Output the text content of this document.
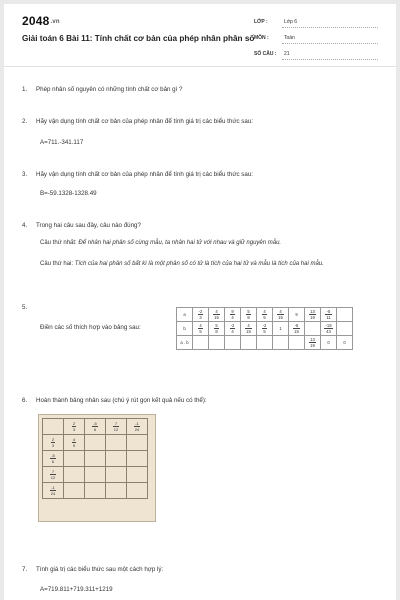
2048.vn
Giải toán 6 Bài 11: Tính chất cơ bản của phép nhân phân số
LỚP :	Lớp 6
MÔN :	Toán
SỐ CÂU : 21
1. Phép nhân số nguyên có những tính chất cơ bản gì ?
2. Hãy vận dụng tính chất cơ bản của phép nhân để tính giá trị các biểu thức sau:
A=711.-341.117
3. Hãy vận dụng tính chất cơ bản của phép nhân để tính giá trị các biểu thức sau:
B=-59.1328-1328.49
4. Trong hai câu sau đây, câu nào đúng?
Câu thứ nhất: Để nhân hai phân số cùng mẫu, ta nhân hai tử với nhau và giữ nguyên mẫu.
Câu thứ hai: Tích của hai phân số bất kì là một phân số có tử là tích của hai tử và mẫu là tích của hai mẫu.
5.
Điền các số thích hợp vào bảng sau:
a	$\frac{-2}{3}$	$\frac{4}{15}$	$\frac{9}{4}$	$\frac{5}{8}$	$\frac{4}{5}$	$\frac{4}{15}$	9	$\frac{13}{19}$	$\frac{-5}{11}$

b	$\frac{4}{5}$	$\frac{5}{8}$	$\frac{-2}{4}$	$\frac{4}{15}$	$\frac{-2}{5}$	1	$\frac{-8}{15}$		$\frac{-19}{43}$

a . b								$\frac{13}{19}$	0	0
6. Hoàn thành bảng nhân sau (chú ý rút gọn kết quả nếu có thể):

	$\frac{2}{3}$	$\frac{-5}{6}$	$\frac{7}{12}$	$\frac{-1}{24}$

$\frac{2}{3}$	$\frac{4}{9}$

$\frac{-5}{6}$

$\frac{7}{12}$

$\frac{-1}{24}$

7. Tính giá trị các biểu thức sau một cách hợp lý:
A=719.811+719.311+1219
